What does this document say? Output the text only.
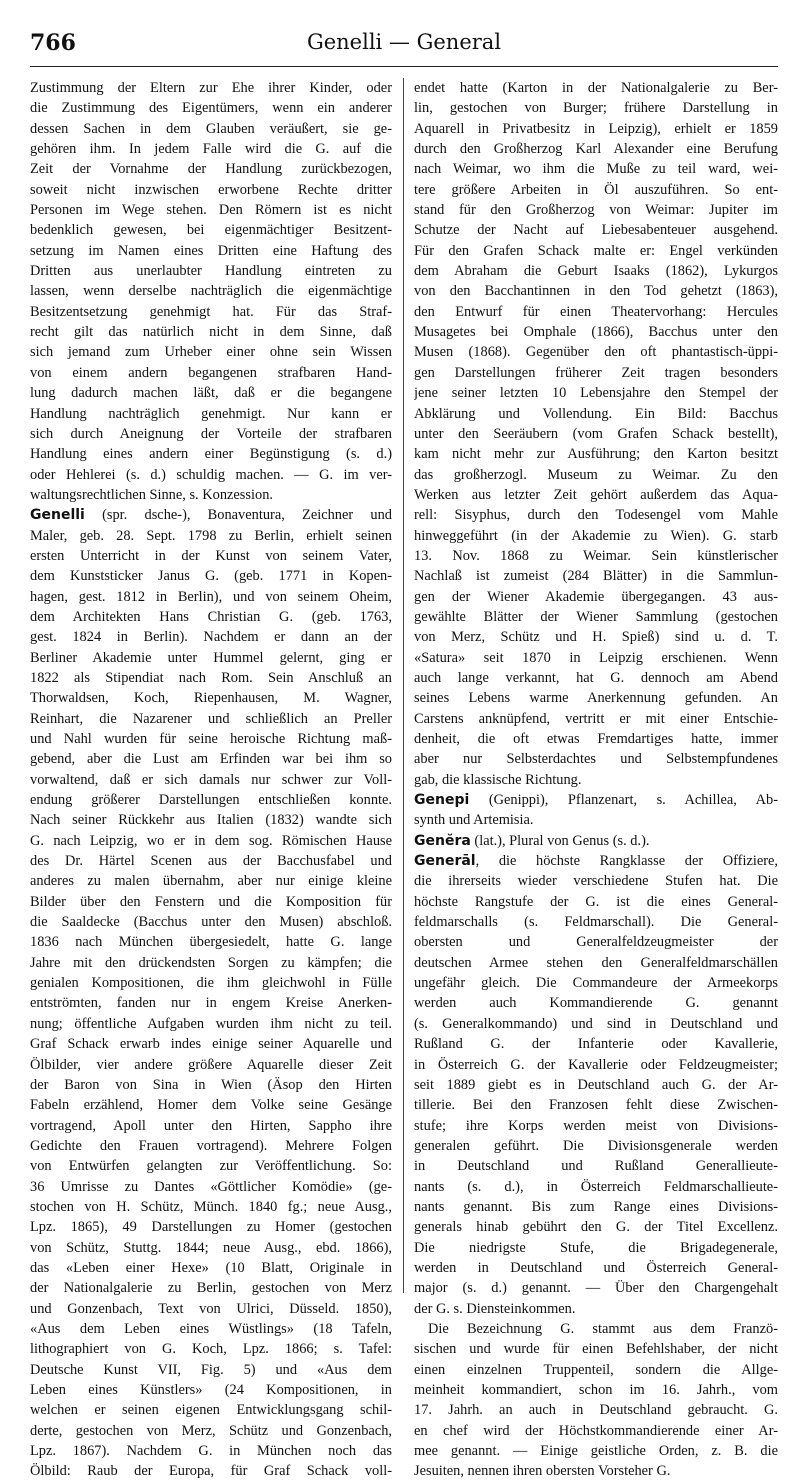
766	Genelli — General
Zustimmung der Eltern zur Ehe ihrer Kinder, oder
die Zustimmung des Eigentümers, wenn ein anderer
dessen Sachen in dem Glauben veräußert, sie ge-
gehören ihm. In jedem Falle wird die G. auf die
Zeit der Vornahme der Handlung zurückbezogen,
soweit nicht inzwischen erworbene Rechte dritter
Personen im Wege stehen. Den Römern ist es nicht
bedenklich gewesen, bei eigenmächtiger Besitzent-
setzung im Namen eines Dritten eine Haftung des
Dritten aus unerlaubter Handlung eintreten zu
lassen, wenn derselbe nachträglich die eigenmächtige
Besitzentsetzung genehmigt hat. Für das Straf-
recht gilt das natürlich nicht in dem Sinne, daß
sich jemand zum Urheber einer ohne sein Wissen
von einem andern begangenen strafbaren Hand-
lung dadurch machen läßt, daß er die begangene
Handlung nachträglich genehmigt. Nur kann er
sich durch Aneignung der Vorteile der strafbaren
Handlung eines andern einer Begünstigung (s. d.)
oder Hehlerei (s. d.) schuldig machen. — G. im ver-
waltungsrechtlichen Sinne, s. Konzession.
Genelli (spr. dsche-), Bonaventura, Zeichner und
Maler, geb. 28. Sept. 1798 zu Berlin, erhielt seinen
ersten Unterricht in der Kunst von seinem Vater,
dem Kunststicker Janus G. (geb. 1771 in Kopen-
hagen, gest. 1812 in Berlin), und von seinem Oheim,
dem Architekten Hans Christian G. (geb. 1763,
gest. 1824 in Berlin). Nachdem er dann an der
Berliner Akademie unter Hummel gelernt, ging er
1822 als Stipendiat nach Rom. Sein Anschluß an
Thorwaldsen, Koch, Riepenhausen, M. Wagner,
Reinhart, die Nazarener und schließlich an Preller
und Nahl wurden für seine heroische Richtung maß-
gebend, aber die Lust am Erfinden war bei ihm so
vorwaltend, daß er sich damals nur schwer zur Voll-
endung größerer Darstellungen entschließen konnte.
Nach seiner Rückkehr aus Italien (1832) wandte sich
G. nach Leipzig, wo er in dem sog. Römischen Hause
des Dr. Härtel Scenen aus der Bacchusfabel und
anderes zu malen übernahm, aber nur einige kleine
Bilder über den Fenstern und die Komposition für
die Saaldecke (Bacchus unter den Musen) abschloß.
1836 nach München übergesiedelt, hatte G. lange
Jahre mit den drückendsten Sorgen zu kämpfen; die
genialen Kompositionen, die ihm gleichwohl in Fülle
entströmten, fanden nur in engem Kreise Anerken-
nung; öffentliche Aufgaben wurden ihm nicht zu teil.
Graf Schack erwarb indes einige seiner Aquarelle und
Ölbilder, vier andere größere Aquarelle dieser Zeit
der Baron von Sina in Wien (Äsop den Hirten
Fabeln erzählend, Homer dem Volke seine Gesänge
vortragend, Apoll unter den Hirten, Sappho ihre
Gedichte den Frauen vortragend). Mehrere Folgen
von Entwürfen gelangten zur Veröffentlichung. So:
36 Umrisse zu Dantes «Göttlicher Komödie» (ge-
stochen von H. Schütz, Münch. 1840 fg.; neue Ausg.,
Lpz. 1865), 49 Darstellungen zu Homer (gestochen
von Schütz, Stuttg. 1844; neue Ausg., ebd. 1866),
das «Leben einer Hexe» (10 Blatt, Originale in
der Nationalgalerie zu Berlin, gestochen von Merz
und Gonzenbach, Text von Ulrici, Düsseld. 1850),
«Aus dem Leben eines Wüstlings» (18 Tafeln,
lithographiert von G. Koch, Lpz. 1866; s. Tafel:
Deutsche Kunst VII, Fig. 5) und «Aus dem
Leben eines Künstlers» (24 Kompositionen, in
welchen er seinen eigenen Entwicklungsgang schil-
derte, gestochen von Merz, Schütz und Gonzenbach,
Lpz. 1867). Nachdem G. in München noch das
Ölbild: Raub der Europa, für Graf Schack voll-
endet hatte (Karton in der Nationalgalerie zu Ber-
lin, gestochen von Burger; frühere Darstellung in
Aquarell in Privatbesitz in Leipzig), erhielt er 1859
durch den Großherzog Karl Alexander eine Berufung
nach Weimar, wo ihm die Muße zu teil ward, wei-
tere größere Arbeiten in Öl auszuführen. So ent-
stand für den Großherzog von Weimar: Jupiter im
Schutze der Nacht auf Liebesabenteuer ausgehend.
Für den Grafen Schack malte er: Engel verkünden
dem Abraham die Geburt Isaaks (1862), Lykurgos
von den Bacchantinnen in den Tod gehetzt (1863),
den Entwurf für einen Theatervorhang: Hercules
Musagetes bei Omphale (1866), Bacchus unter den
Musen (1868). Gegenüber den oft phantastisch-üppi-
gen Darstellungen früherer Zeit tragen besonders
jene seiner letzten 10 Lebensjahre den Stempel der
Abklärung und Vollendung. Ein Bild: Bacchus
unter den Seeräubern (vom Grafen Schack bestellt),
kam nicht mehr zur Ausführung; den Karton besitzt
das großherzogl. Museum zu Weimar. Zu den
Werken aus letzter Zeit gehört außerdem das Aqua-
rell: Sisyphus, durch den Todesengel vom Mahle
hinweggeführt (in der Akademie zu Wien). G. starb
13. Nov. 1868 zu Weimar. Sein künstlerischer
Nachlaß ist zumeist (284 Blätter) in die Sammlun-
gen der Wiener Akademie übergegangen. 43 aus-
gewählte Blätter der Wiener Sammlung (gestochen
von Merz, Schütz und H. Spieß) sind u. d. T.
«Satura» seit 1870 in Leipzig erschienen. Wenn
auch lange verkannt, hat G. dennoch am Abend
seines Lebens warme Anerkennung gefunden. An
Carstens anknüpfend, vertritt er mit einer Entschie-
denheit, die oft etwas Fremdartiges hatte, immer
aber nur Selbsterdachtes und Selbstempfundenes
gab, die klassische Richtung.
Genepi (Genippi), Pflanzenart, s. Achillea, Ab-
synth und Artemisia.
Genĕra (lat.), Plural von Genus (s. d.).
Generāl, die höchste Rangklasse der Offiziere,
die ihrerseits wieder verschiedene Stufen hat. Die
höchste Rangstufe der G. ist die eines General-
feldmarschalls (s. Feldmarschall). Die General-
obersten und Generalfeldzeugmeister der
deutschen Armee stehen den Generalfeldmarschällen
ungefähr gleich. Die Commandeure der Armeekorps
werden auch Kommandierende G. genannt
(s. Generalkommando) und sind in Deutschland und
Rußland G. der Infanterie oder Kavallerie,
in Österreich G. der Kavallerie oder Feldzeugmeister;
seit 1889 giebt es in Deutschland auch G. der Ar-
tillerie. Bei den Franzosen fehlt diese Zwischen-
stufe; ihre Korps werden meist von Divisions-
generalen geführt. Die Divisionsgenerale werden
in Deutschland und Rußland Generallieute-
nants (s. d.), in Österreich Feldmarschallieute-
nants genannt. Bis zum Range eines Divisions-
generals hinab gebührt den G. der Titel Excellenz.
Die niedrigste Stufe, die Brigadegenerale,
werden in Deutschland und Österreich General-
major (s. d.) genannt. — Über den Chargengehalt
der G. s. Diensteinkommen.
Die Bezeichnung G. stammt aus dem Franzö-
sischen und wurde für einen Befehlshaber, der nicht
einen einzelnen Truppenteil, sondern die Allge-
meinheit kommandiert, schon im 16. Jahrh., vom
17. Jahrh. an auch in Deutschland gebraucht. G.
en chef wird der Höchstkommandierende einer Ar-
mee genannt. — Einige geistliche Orden, z. B. die
Jesuiten, nennen ihren obersten Vorsteher G.
